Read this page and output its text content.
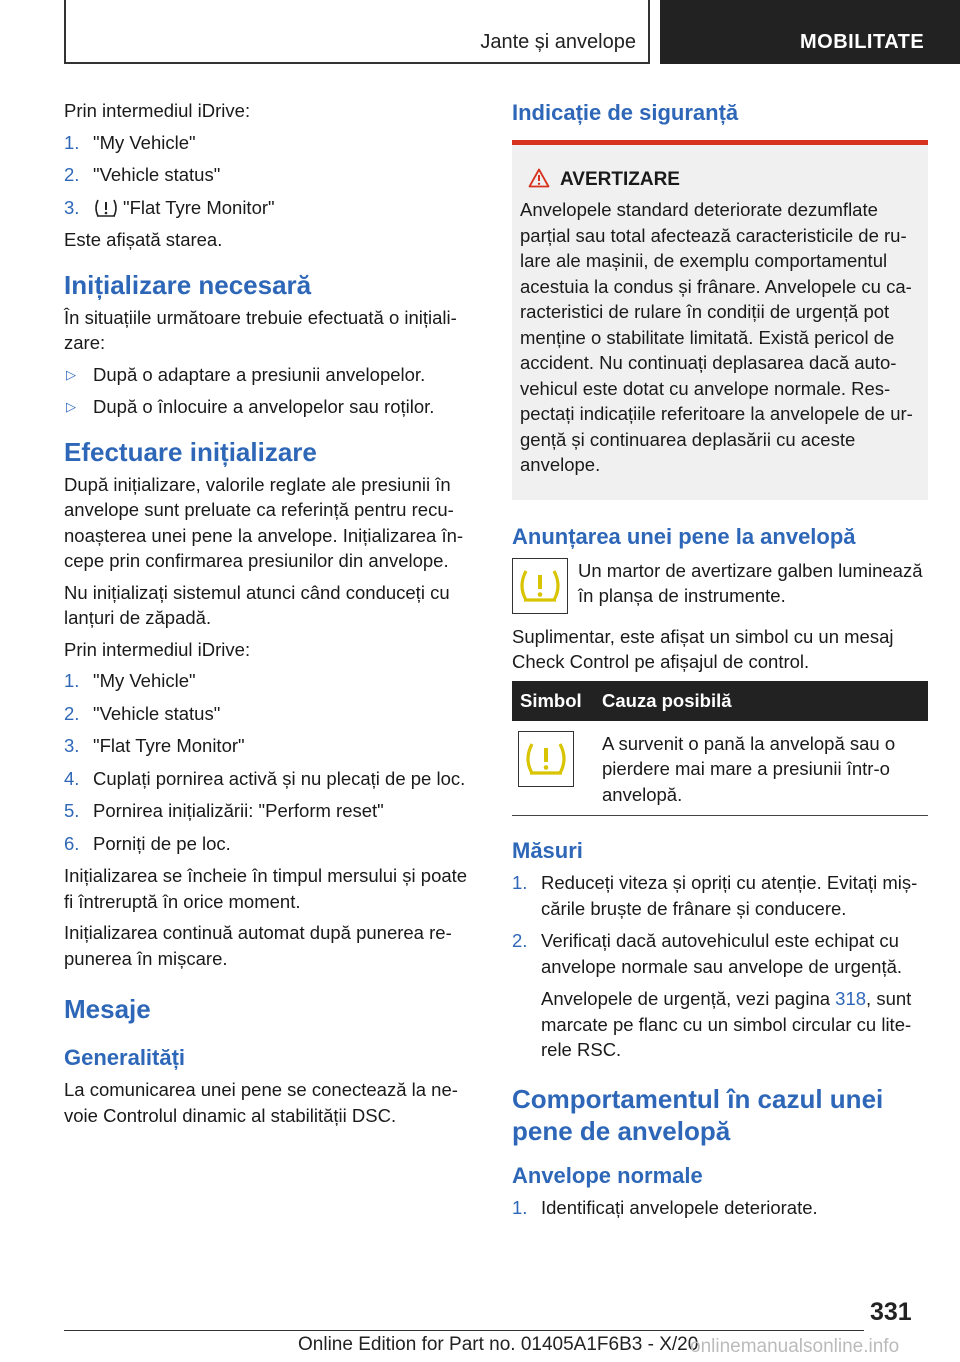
Jante și anvelope	MOBILITATE

Prin intermediul iDrive:

1. "My Vehicle"
2. "Vehicle status"
3. "Flat Tyre Monitor"

Este afișată starea.

Inițializare necesară

În situațiile următoare trebuie efectuată o inițiali-zare:

▷ După o adaptare a presiunii anvelopelor.
▷ După o înlocuire a anvelopelor sau roților.
Efectuare inițializare

După inițializare, valorile reglate ale presiunii în anvelope sunt preluate ca referință pentru recu-noașterea unei pene la anvelope. Inițializarea în-cepe prin confirmarea presiunilor din anvelope.

Nu inițializați sistemul atunci când conduceți cu lanțuri de zăpadă.

Prin intermediul iDrive:

1. "My Vehicle"
2. "Vehicle status"
3. "Flat Tyre Monitor"
4. Cuplați pornirea activă și nu plecați de pe loc.
5. Pornirea inițializării: "Perform reset"
6. Porniți de pe loc.

Inițializarea se încheie în timpul mersului și poate fi întreruptă în orice moment.

Inițializarea continuă automat după punerea re-punerea în mișcare.

Mesaje
Generalități

La comunicarea unei pene se conectează la ne-voie Controlul dinamic al stabilității DSC.

Indicație de siguranță
AVERTIZARE

Anvelopele standard deteriorate dezumflate parțial sau total afectează caracteristicile de ru-lare ale mașinii, de exemplu comportamentul acestuia la condus și frânare. Anvelopele cu ca-racteristici de rulare în condiții de urgență pot menține o stabilitate limitată. Există pericol de accident. Nu continuați deplasarea dacă auto-vehicul este dotat cu anvelope normale. Res-pectați indicațiile referitoare la anvelopele de ur-gență și continuarea deplasării cu aceste anvelope.

Anunțarea unei pene la anvelopă

Un martor de avertizare galben luminează în planșa de instrumente.

Suplimentar, este afișat un simbol cu un mesaj Check Control pe afișajul de control.

Simbol	Cauza posibilă

	A survenit o pană la anvelopă sau o pierdere mai mare a presiunii într-o anvelopă.
Măsuri
1. Reduceți viteza și opriți cu atenție. Evitați miș-cările bruște de frânare și conducere.
2. Verificați dacă autovehiculul este echipat cu anvelope normale sau anvelope de urgență.

Anvelopele de urgență, vezi pagina 318, sunt marcate pe flanc cu un simbol circular cu lite-rele RSC.

Comportamentul în cazul unei pene de anvelopă
Anvelope normale
1. Identificați anvelopele deteriorate.
331
Online Edition for Part no. 01405A1F6B3 - X/20
onlinemanualsonline.info
